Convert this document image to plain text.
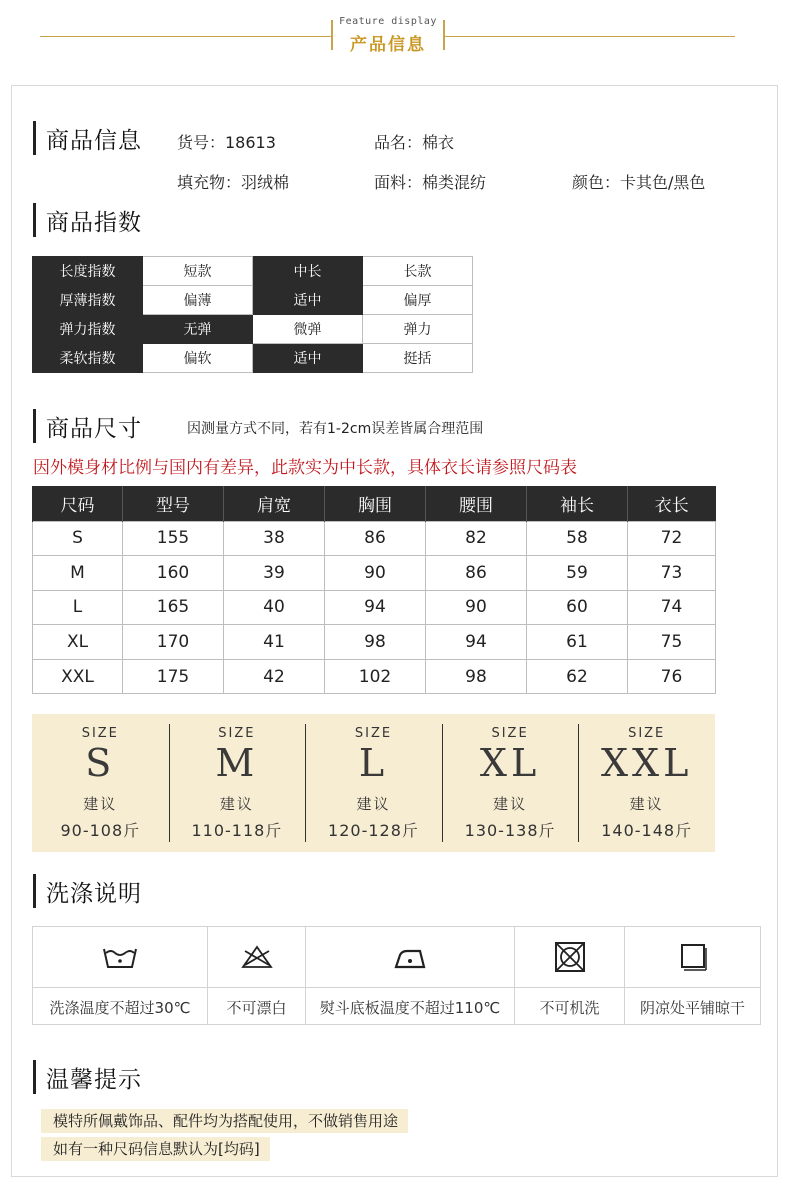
Feature display
产品信息
商品信息 货号：18613	品名：棉衣
填充物：羽绒棉	面料：棉类混纺	颜色：卡其色/黑色
商品指数
长度指数	短款	中长	长款
厚薄指数	偏薄	适中	偏厚
弹力指数	无弹	微弹	弹力
柔软指数	偏软	适中	挺括
商品尺寸	因测量方式不同，若有1-2cm误差皆属合理范围
因外模身材比例与国内有差异，此款实为中长款，具体衣长请参照尺码表
尺码	型号	肩宽	胸围	腰围	袖长	衣长
S	155	38	86	82	58	72
M	160	39	90	86	59	73
L	165	40	94	90	60	74
XL	170	41	98	94	61	75
XXL	175	42	102	98	62	76
SIZE
S
建议
90-108斤
SIZE
M
建议
110-118斤
SIZE
L
建议
120-128斤
SIZE
XL
建议
130-138斤
SIZE
XXL
建议
140-148斤
洗涤说明
洗涤温度不超过30℃	不可漂白	熨斗底板温度不超过110℃	不可机洗	阴凉处平铺晾干
温馨提示
模特所佩戴饰品、配件均为搭配使用，不做销售用途
如有一种尺码信息默认为[均码]
